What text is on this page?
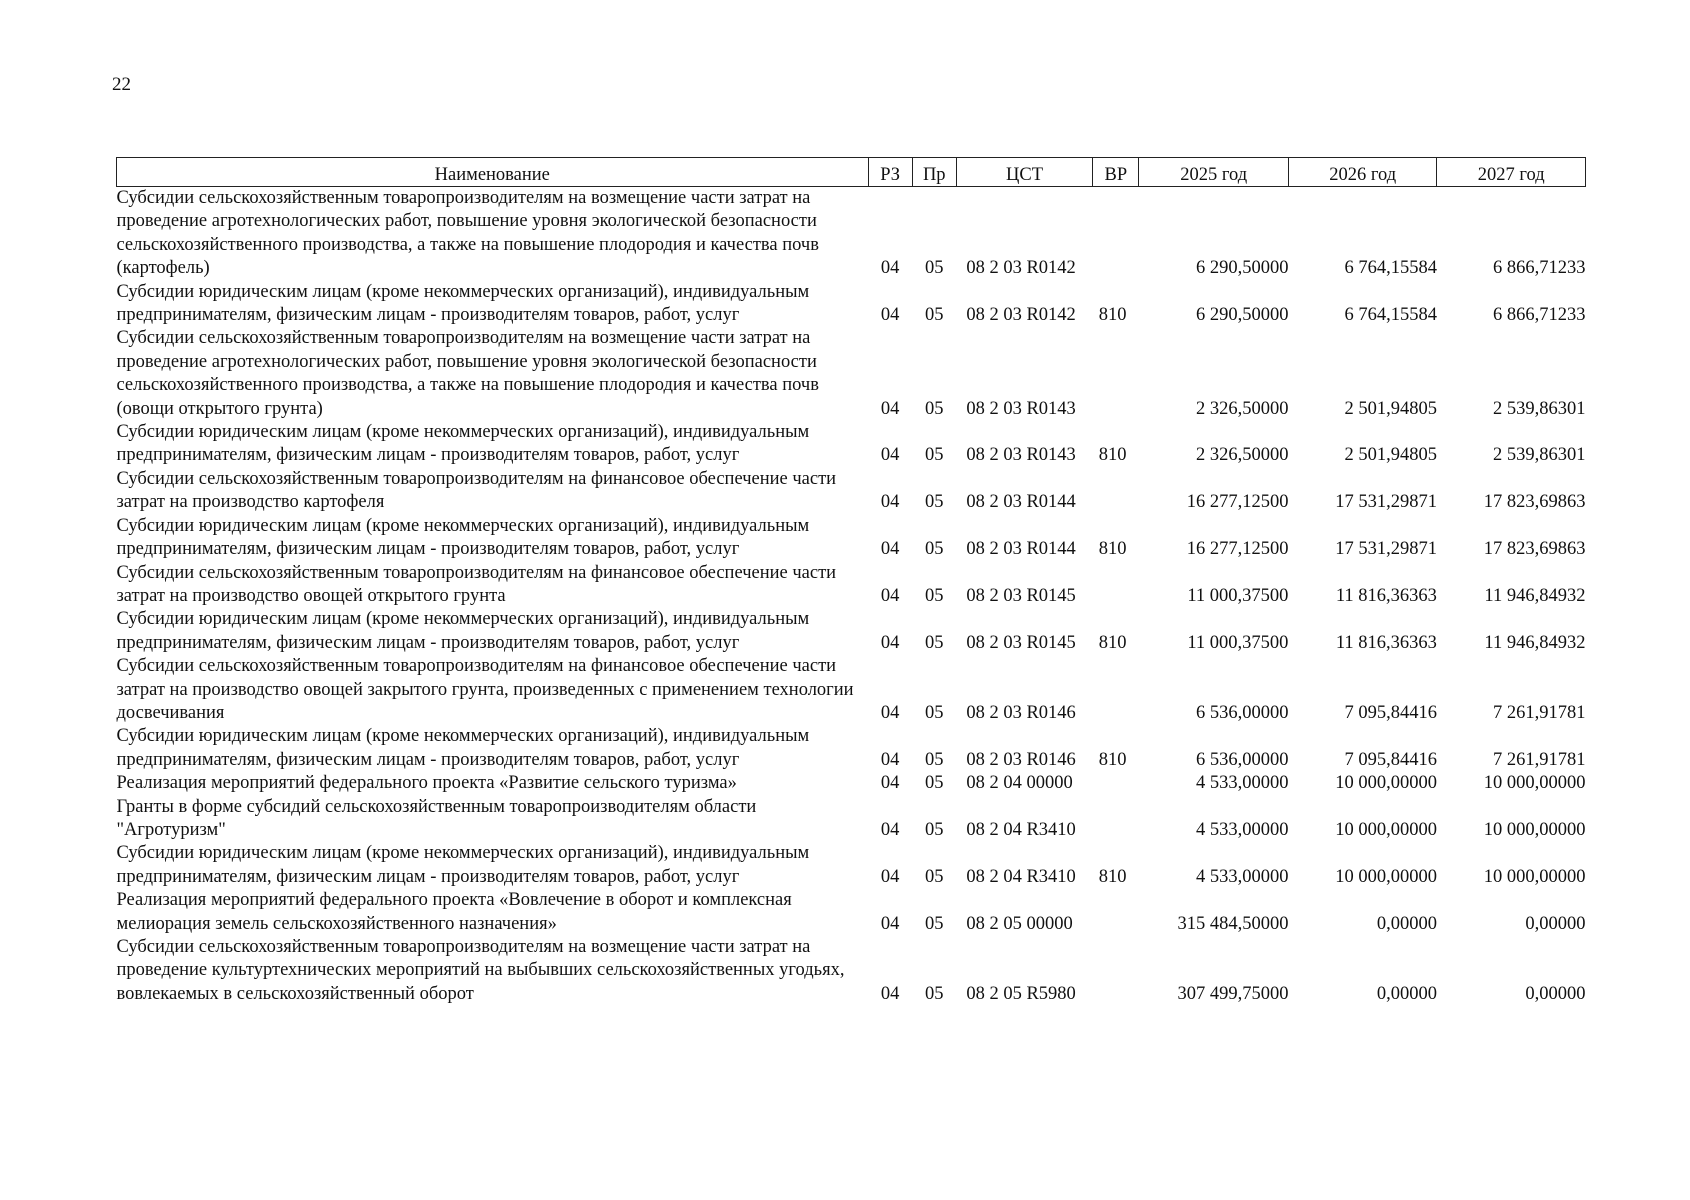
22
Наименование	РЗ	Пр	ЦСТ	ВР	2025 год	2026 год	2027 год
Субсидии сельскохозяйственным товаропроизводителям на возмещение части затрат на проведение агротехнологических работ, повышение уровня экологической безопасности сельскохозяйственного производства, а также на повышение плодородия и качества почв (картофель)	04	05	08 2 03 R0142		6 290,50000	6 764,15584	6 866,71233
Субсидии юридическим лицам (кроме некоммерческих организаций), индивидуальным предпринимателям, физическим лицам - производителям товаров, работ, услуг	04	05	08 2 03 R0142	810	6 290,50000	6 764,15584	6 866,71233
Субсидии сельскохозяйственным товаропроизводителям на возмещение части затрат на проведение агротехнологических работ, повышение уровня экологической безопасности сельскохозяйственного производства, а также на повышение плодородия и качества почв (овощи открытого грунта)	04	05	08 2 03 R0143		2 326,50000	2 501,94805	2 539,86301
Субсидии юридическим лицам (кроме некоммерческих организаций), индивидуальным предпринимателям, физическим лицам - производителям товаров, работ, услуг	04	05	08 2 03 R0143	810	2 326,50000	2 501,94805	2 539,86301
Субсидии сельскохозяйственным товаропроизводителям на финансовое обеспечение части затрат на производство картофеля	04	05	08 2 03 R0144		16 277,12500	17 531,29871	17 823,69863
Субсидии юридическим лицам (кроме некоммерческих организаций), индивидуальным предпринимателям, физическим лицам - производителям товаров, работ, услуг	04	05	08 2 03 R0144	810	16 277,12500	17 531,29871	17 823,69863
Субсидии сельскохозяйственным товаропроизводителям на финансовое обеспечение части затрат на производство овощей открытого грунта	04	05	08 2 03 R0145		11 000,37500	11 816,36363	11 946,84932
Субсидии юридическим лицам (кроме некоммерческих организаций), индивидуальным предпринимателям, физическим лицам - производителям товаров, работ, услуг	04	05	08 2 03 R0145	810	11 000,37500	11 816,36363	11 946,84932
Субсидии сельскохозяйственным товаропроизводителям на финансовое обеспечение части затрат на производство овощей закрытого грунта, произведенных с применением технологии досвечивания	04	05	08 2 03 R0146		6 536,00000	7 095,84416	7 261,91781
Субсидии юридическим лицам (кроме некоммерческих организаций), индивидуальным предпринимателям, физическим лицам - производителям товаров, работ, услуг	04	05	08 2 03 R0146	810	6 536,00000	7 095,84416	7 261,91781
Реализация мероприятий федерального проекта «Развитие сельского туризма»	04	05	08 2 04 00000		4 533,00000	10 000,00000	10 000,00000
Гранты в форме субсидий сельскохозяйственным товаропроизводителям области "Агротуризм"	04	05	08 2 04 R3410		4 533,00000	10 000,00000	10 000,00000
Субсидии юридическим лицам (кроме некоммерческих организаций), индивидуальным предпринимателям, физическим лицам - производителям товаров, работ, услуг	04	05	08 2 04 R3410	810	4 533,00000	10 000,00000	10 000,00000
Реализация мероприятий федерального проекта «Вовлечение в оборот и комплексная мелиорация земель сельскохозяйственного назначения»	04	05	08 2 05 00000		315 484,50000	0,00000	0,00000
Субсидии сельскохозяйственным товаропроизводителям на возмещение части затрат на проведение культуртехнических мероприятий на выбывших сельскохозяйственных угодьях, вовлекаемых в сельскохозяйственный оборот	04	05	08 2 05 R5980		307 499,75000	0,00000	0,00000
